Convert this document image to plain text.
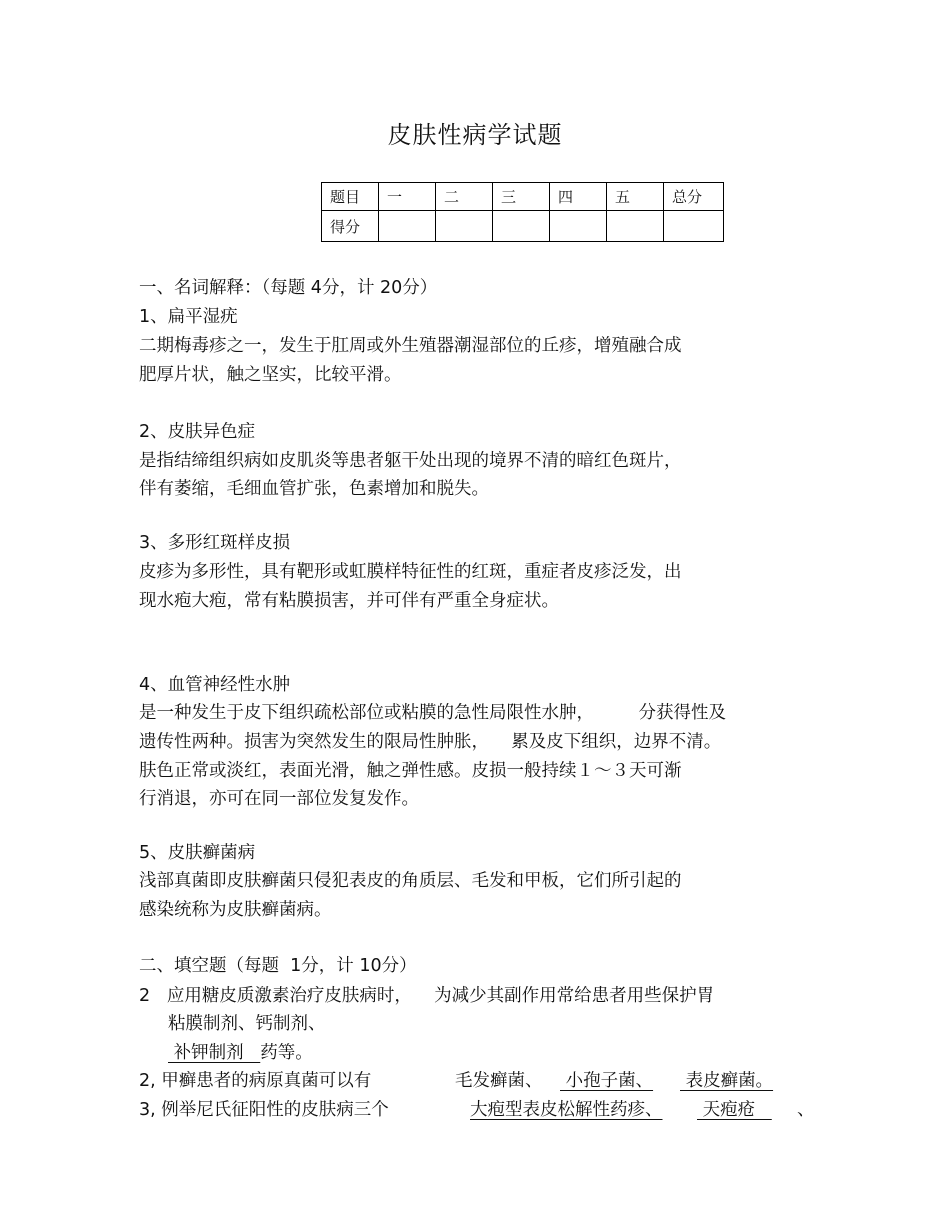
皮肤性病学试题
题目	一	二	三	四	五	总分
得分						
一、名词解释：（每题 4分，计 20分）
1、扁平湿疣
二期梅毒疹之一，发生于肛周或外生殖器潮湿部位的丘疹，增殖融合成
肥厚片状，触之坚实，比较平滑。
2、皮肤异色症
是指结缔组织病如皮肌炎等患者躯干处出现的境界不清的暗红色斑片，
伴有萎缩，毛细血管扩张，色素增加和脱失。
3、多形红斑样皮损
皮疹为多形性，具有靶形或虹膜样特征性的红斑，重症者皮疹泛发，出
现水疱大疱，常有粘膜损害，并可伴有严重全身症状。
4、血管神经性水肿
是一种发生于皮下组织疏松部位或粘膜的急性局限性水肿，        分获得性及
遗传性两种。损害为突然发生的限局性肿胀，    累及皮下组织，边界不清。
肤色正常或淡红，表面光滑，触之弹性感。皮损一般持续１～３天可渐
行消退，亦可在同一部位发复发作。
5、皮肤癣菌病
浅部真菌即皮肤癣菌只侵犯表皮的角质层、毛发和甲板，它们所引起的
感染统称为皮肤癣菌病。
二、填空题（每题  1分，计 10分）
2   应用糖皮质激素治疗皮肤病时，    为减少其副作用常给患者用些保护胃
粘膜制剂、钙制剂、
补钾制剂   药等。
2, 甲癣患者的病原真菌可以有	毛发癣菌、 小孢子菌、 表皮癣菌。
3, 例举尼氏征阳性的皮肤病三个	大疱型表皮松解性药疹、 天疱疮 、
